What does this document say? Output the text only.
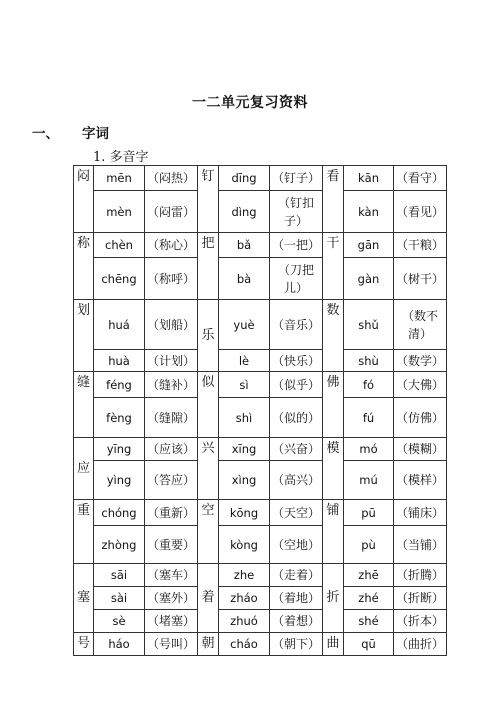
一二单元复习资料
一、 字词
1. 多音字
闷	mēn	（闷热）	钉	dīng	（钉子）	看	kān	（看守）
	mèn	（闷雷）		dìng	（钉扣子）		kàn	（看见）
称	chèn	（称心）	把	bǎ	（一把）	干	gān	（干粮）
	chēng	（称呼）		bà	（刀把儿）		gàn	（树干）
划	huá	（划船）	乐	yuè	（音乐）	数	shǔ	（数不清）
	huà	（计划）		lè	（快乐）		shù	（数学）
缝	féng	（缝补）	似	sì	（似乎）	佛	fó	（大佛）
	fèng	（缝隙）		shì	（似的）		fú	（仿佛）
应	yīng	（应该）	兴	xīng	（兴奋）	模	mó	（模糊）
	yìng	（答应）		xìng	（高兴）		mú	（模样）
重	chóng	（重新）	空	kōng	（天空）	铺	pū	（铺床）
	zhòng	（重要）		kòng	（空地）		pù	（当铺）
塞	sāi	（塞车）	着	zhe	（走着）	折	zhē	（折腾）
	sài	（塞外）		zháo	（着地）		zhé	（折断）
	sè	（堵塞）		zhuó	（着想）		shé	（折本）
号	háo	（号叫）	朝	cháo	（朝下）	曲	qū	（曲折）
